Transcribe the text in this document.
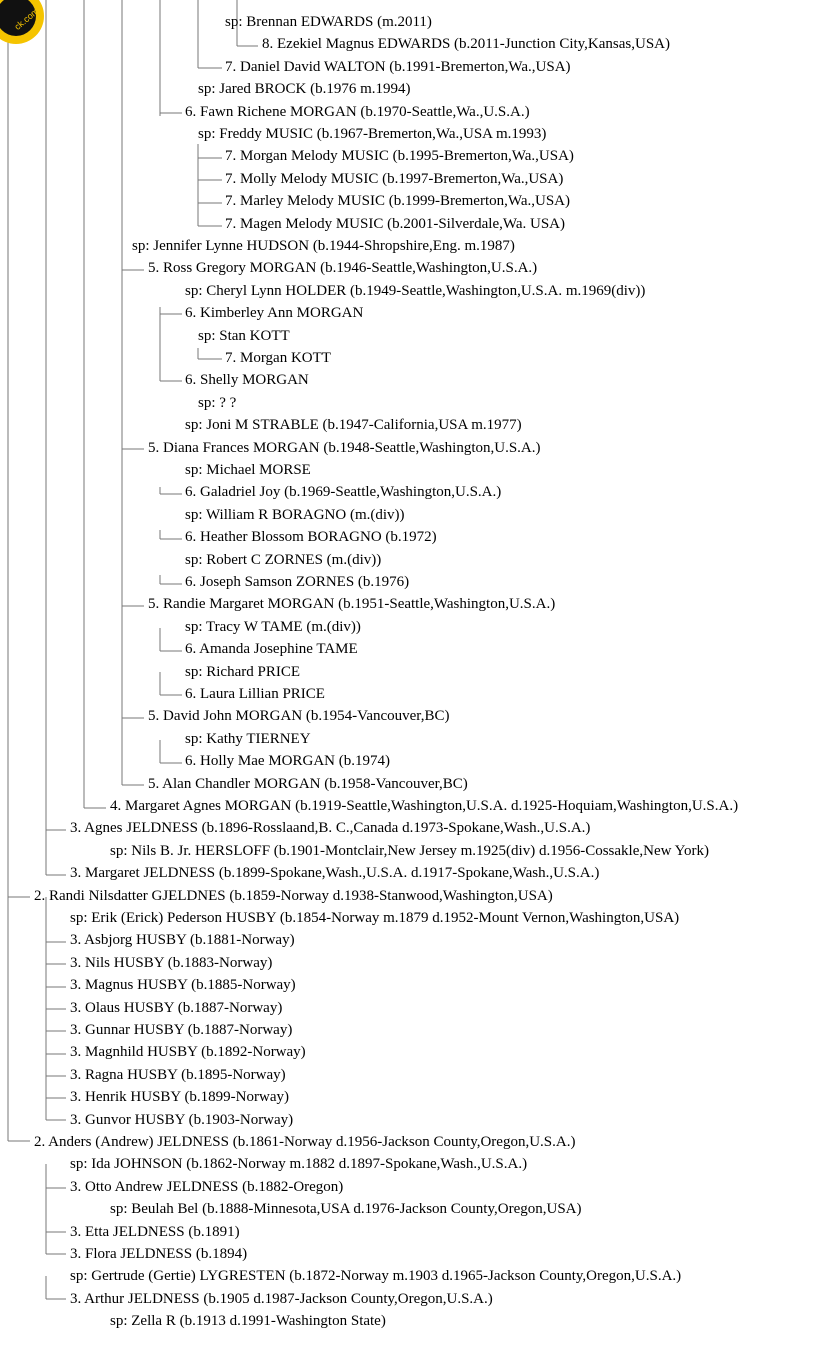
ck.com	sp: Brennan EDWARDS (m.2011)
8. Ezekiel Magnus EDWARDS (b.2011-Junction City,Kansas,USA)
7. Daniel David WALTON (b.1991-Bremerton,Wa.,USA)
sp: Jared BROCK (b.1976 m.1994)
6. Fawn Richene MORGAN (b.1970-Seattle,Wa.,U.S.A.)
sp: Freddy MUSIC (b.1967-Bremerton,Wa.,USA m.1993)
7. Morgan Melody MUSIC (b.1995-Bremerton,Wa.,USA)
7. Molly Melody MUSIC (b.1997-Bremerton,Wa.,USA)
7. Marley Melody MUSIC (b.1999-Bremerton,Wa.,USA)
7. Magen Melody MUSIC (b.2001-Silverdale,Wa. USA)
sp: Jennifer Lynne HUDSON (b.1944-Shropshire,Eng. m.1987)
5. Ross Gregory MORGAN (b.1946-Seattle,Washington,U.S.A.)
sp: Cheryl Lynn HOLDER (b.1949-Seattle,Washington,U.S.A. m.1969(div))
6. Kimberley Ann MORGAN
sp: Stan KOTT
7. Morgan KOTT
6. Shelly MORGAN
sp: ? ?
sp: Joni M STRABLE (b.1947-California,USA m.1977)
5. Diana Frances MORGAN (b.1948-Seattle,Washington,U.S.A.)
sp: Michael MORSE
6. Galadriel Joy (b.1969-Seattle,Washington,U.S.A.)
sp: William R BORAGNO (m.(div))
6. Heather Blossom BORAGNO (b.1972)
sp: Robert C ZORNES (m.(div))
6. Joseph Samson ZORNES (b.1976)
5. Randie Margaret MORGAN (b.1951-Seattle,Washington,U.S.A.)
sp: Tracy W TAME (m.(div))
6. Amanda Josephine TAME
sp: Richard PRICE
6. Laura Lillian PRICE
5. David John MORGAN (b.1954-Vancouver,BC)
sp: Kathy TIERNEY
6. Holly Mae MORGAN (b.1974)
5. Alan Chandler MORGAN (b.1958-Vancouver,BC)
4. Margaret Agnes MORGAN (b.1919-Seattle,Washington,U.S.A. d.1925-Hoquiam,Washington,U.S.A.)
3. Agnes JELDNESS (b.1896-Rosslaand,B. C.,Canada d.1973-Spokane,Wash.,U.S.A.)
sp: Nils B. Jr. HERSLOFF (b.1901-Montclair,New Jersey m.1925(div) d.1956-Cossakle,New York)
3. Margaret JELDNESS (b.1899-Spokane,Wash.,U.S.A. d.1917-Spokane,Wash.,U.S.A.)
2. Randi Nilsdatter GJELDNES (b.1859-Norway d.1938-Stanwood,Washington,USA)
sp: Erik (Erick) Pederson HUSBY (b.1854-Norway m.1879 d.1952-Mount Vernon,Washington,USA)
3. Asbjorg HUSBY (b.1881-Norway)
3. Nils HUSBY (b.1883-Norway)
3. Magnus HUSBY (b.1885-Norway)
3. Olaus HUSBY (b.1887-Norway)
3. Gunnar HUSBY (b.1887-Norway)
3. Magnhild HUSBY (b.1892-Norway)
3. Ragna HUSBY (b.1895-Norway)
3. Henrik HUSBY (b.1899-Norway)
3. Gunvor HUSBY (b.1903-Norway)
2. Anders (Andrew) JELDNESS (b.1861-Norway d.1956-Jackson County,Oregon,U.S.A.)
sp: Ida JOHNSON (b.1862-Norway m.1882 d.1897-Spokane,Wash.,U.S.A.)
3. Otto Andrew JELDNESS (b.1882-Oregon)
sp: Beulah Bel (b.1888-Minnesota,USA d.1976-Jackson County,Oregon,USA)
3. Etta JELDNESS (b.1891)
3. Flora JELDNESS (b.1894)
sp: Gertrude (Gertie) LYGRESTEN (b.1872-Norway m.1903 d.1965-Jackson County,Oregon,U.S.A.)
3. Arthur JELDNESS (b.1905 d.1987-Jackson County,Oregon,U.S.A.)
sp: Zella R (b.1913 d.1991-Washington State)
